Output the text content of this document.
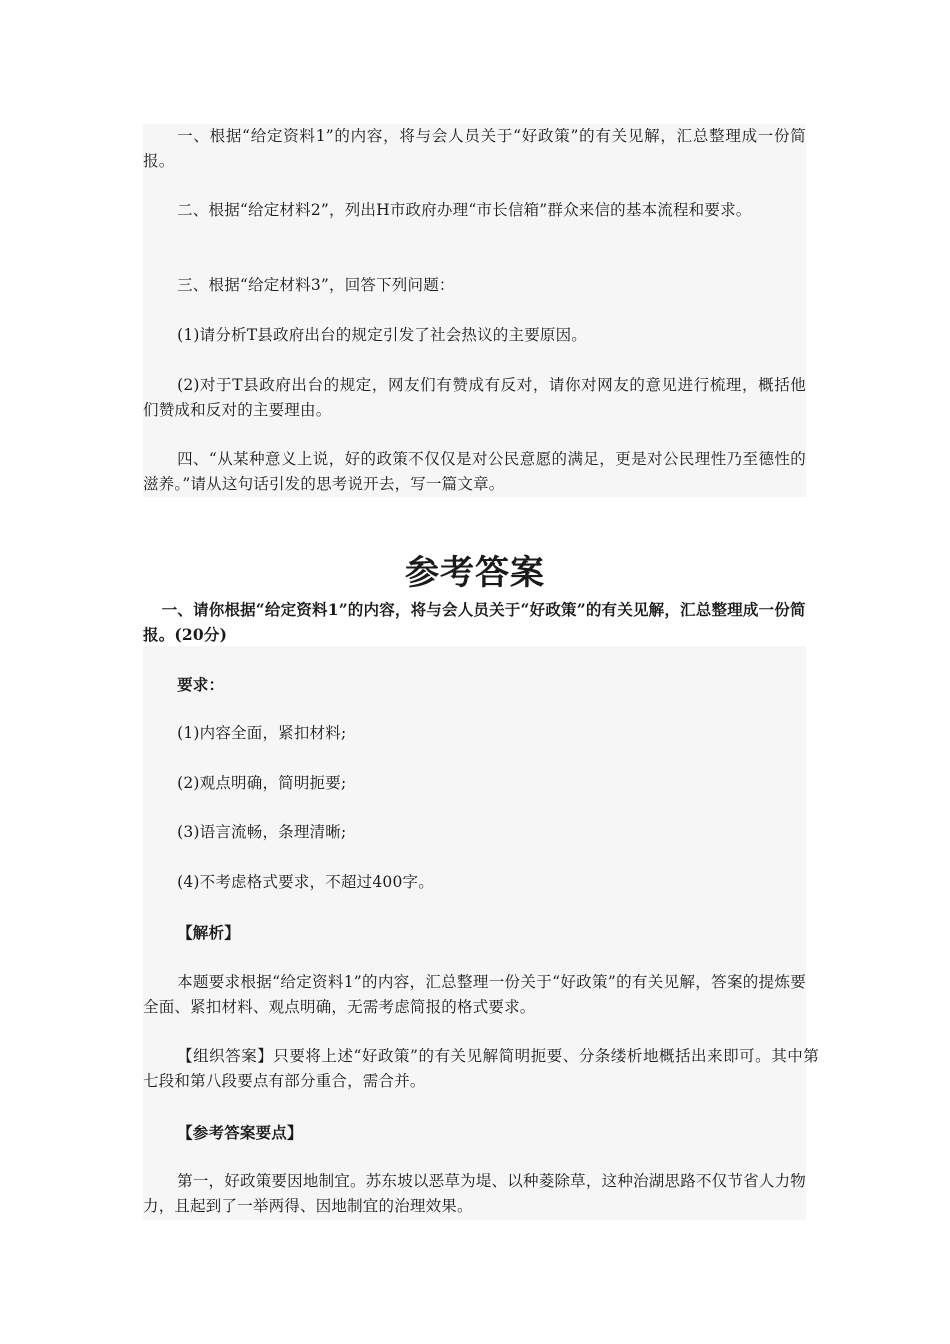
一、根据“给定资料1”的内容，将与会人员关于“好政策”的有关见解，汇总整理成一份简报。

二、根据“给定材料2”，列出H市政府办理“市长信箱”群众来信的基本流程和要求。

三、根据“给定材料3”，回答下列问题：

(1)请分析T县政府出台的规定引发了社会热议的主要原因。

(2)对于T县政府出台的规定，网友们有赞成有反对，请你对网友的意见进行梳理，概括他们赞成和反对的主要理由。

四、“从某种意义上说，好的政策不仅仅是对公民意愿的满足，更是对公民理性乃至德性的滋养。”请从这句话引发的思考说开去，写一篇文章。

参考答案

一、请你根据“给定资料1”的内容，将与会人员关于“好政策”的有关见解，汇总整理成一份简报。(20分)

要求：

(1)内容全面，紧扣材料;

(2)观点明确，简明扼要;

(3)语言流畅，条理清晰;

(4)不考虑格式要求，不超过400字。

【解析】

本题要求根据“给定资料1”的内容，汇总整理一份关于“好政策”的有关见解，答案的提炼要全面、紧扣材料、观点明确，无需考虑简报的格式要求。

【组织答案】只要将上述“好政策”的有关见解简明扼要、分条缕析地概括出来即可。其中第七段和第八段要点有部分重合，需合并。

【参考答案要点】

第一，好政策要因地制宜。苏东坡以恶草为堤、以种菱除草，这种治湖思路不仅节省人力物力，且起到了一举两得、因地制宜的治理效果。
